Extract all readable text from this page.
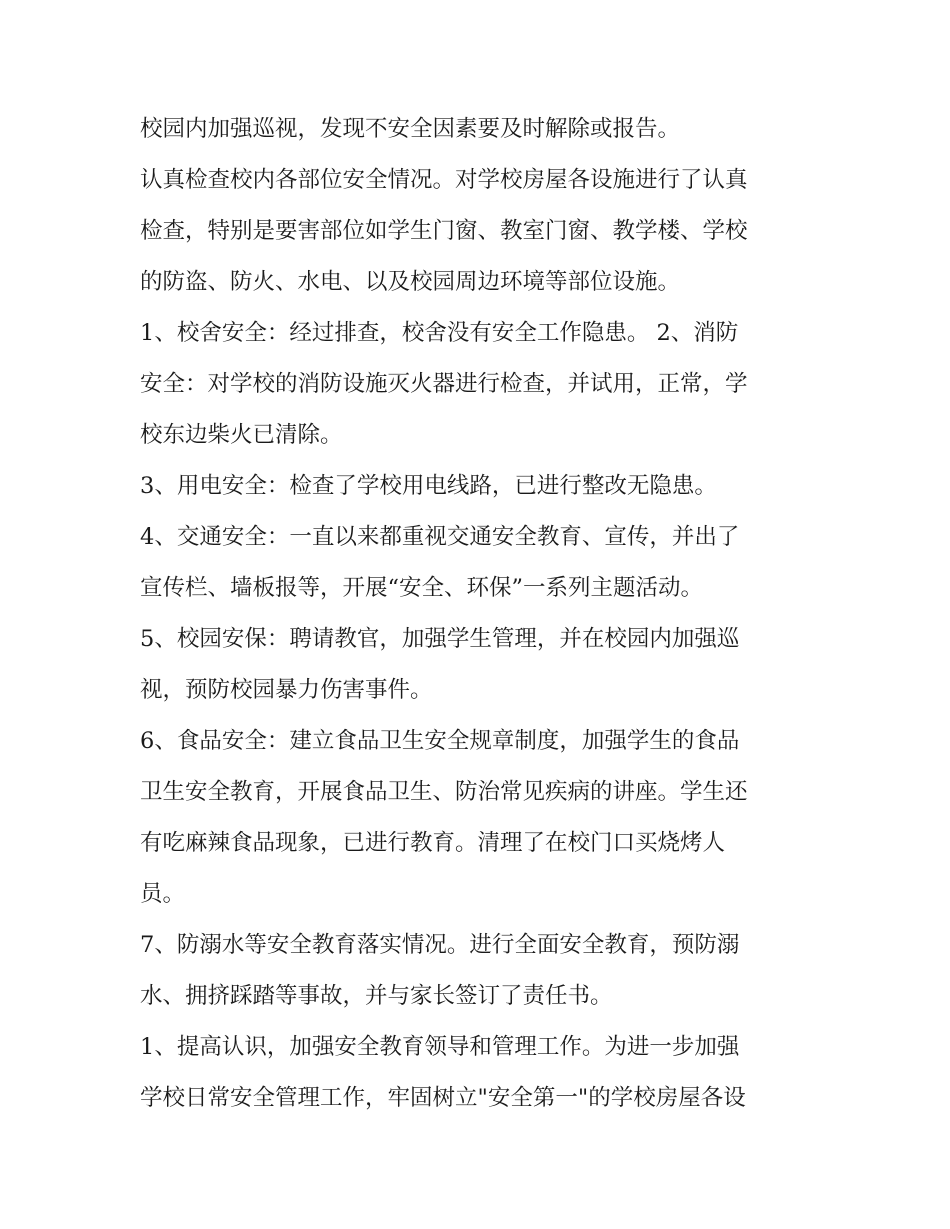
校园内加强巡视，发现不安全因素要及时解除或报告。

认真检查校内各部位安全情况。对学校房屋各设施进行了认真

检查，特别是要害部位如学生门窗、教室门窗、教学楼、学校

的防盗、防火、水电、以及校园周边环境等部位设施。

1、校舍安全：经过排查，校舍没有安全工作隐患。 2、消防

安全：对学校的消防设施灭火器进行检查，并试用，正常，学

校东边柴火已清除。

3、用电安全：检查了学校用电线路，已进行整改无隐患。

4、交通安全：一直以来都重视交通安全教育、宣传，并出了

宣传栏、墙板报等，开展“安全、环保”一系列主题活动。

5、校园安保：聘请教官，加强学生管理，并在校园内加强巡

视，预防校园暴力伤害事件。

6、食品安全：建立食品卫生安全规章制度，加强学生的食品

卫生安全教育，开展食品卫生、防治常见疾病的讲座。学生还

有吃麻辣食品现象，已进行教育。清理了在校门口买烧烤人

员。

7、防溺水等安全教育落实情况。进行全面安全教育，预防溺

水、拥挤踩踏等事故，并与家长签订了责任书。

1、提高认识，加强安全教育领导和管理工作。为进一步加强

学校日常安全管理工作，牢固树立"安全第一"的学校房屋各设
